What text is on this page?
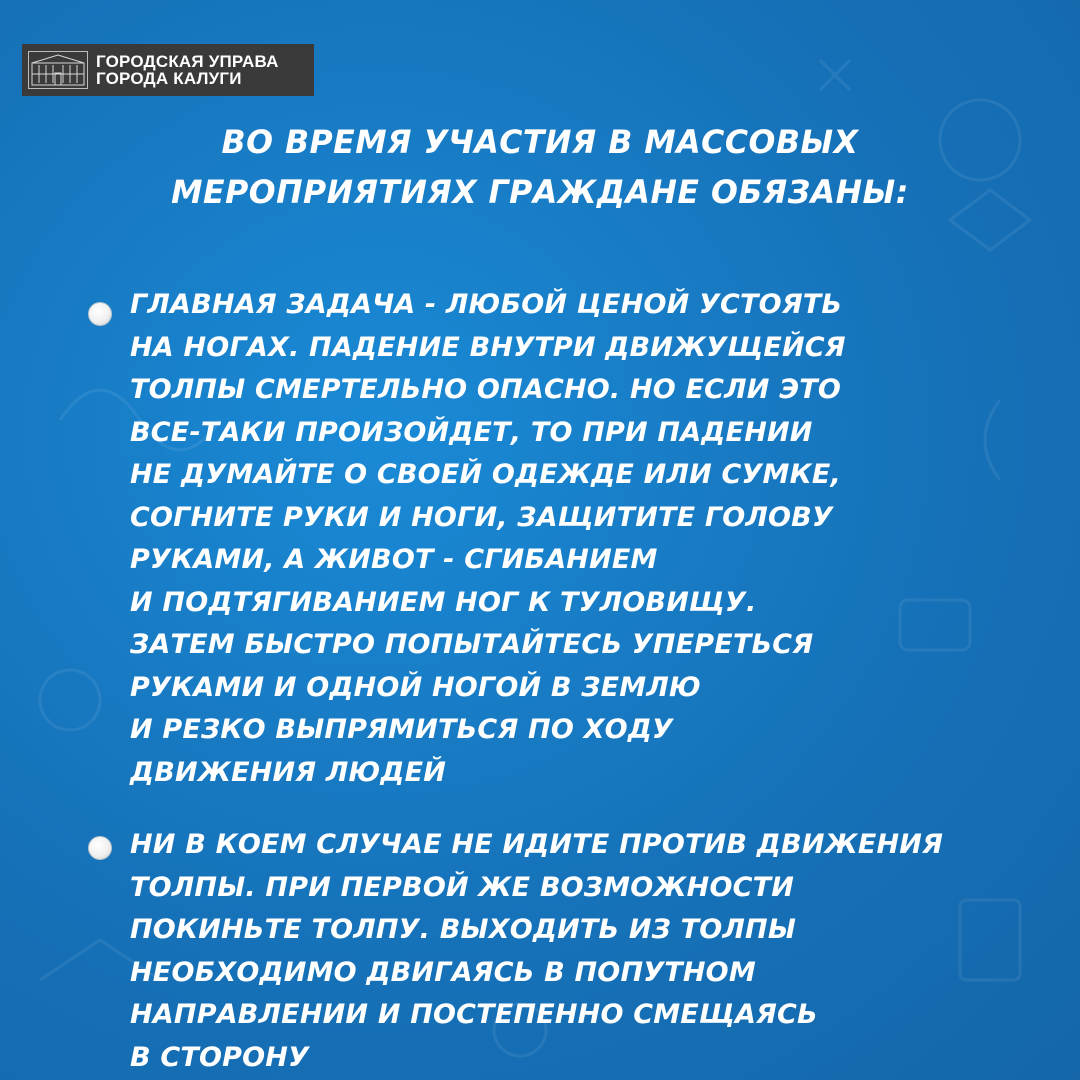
ГОРОДСКАЯ УПРАВА
ГОРОДА КАЛУГИ
ВО ВРЕМЯ УЧАСТИЯ В МАССОВЫХ
МЕРОПРИЯТИЯХ ГРАЖДАНЕ ОБЯЗАНЫ:
ГЛАВНАЯ ЗАДАЧА - ЛЮБОЙ ЦЕНОЙ УСТОЯТЬ
НА НОГАХ. ПАДЕНИЕ ВНУТРИ ДВИЖУЩЕЙСЯ
ТОЛПЫ СМЕРТЕЛЬНО ОПАСНО. НО ЕСЛИ ЭТО
ВСЕ-ТАКИ ПРОИЗОЙДЕТ, ТО ПРИ ПАДЕНИИ
НЕ ДУМАЙТЕ О СВОЕЙ ОДЕЖДЕ ИЛИ СУМКЕ,
СОГНИТЕ РУКИ И НОГИ, ЗАЩИТИТЕ ГОЛОВУ
РУКАМИ, А ЖИВОТ - СГИБАНИЕМ
И ПОДТЯГИВАНИЕМ НОГ К ТУЛОВИЩУ.
ЗАТЕМ БЫСТРО ПОПЫТАЙТЕСЬ УПЕРЕТЬСЯ
РУКАМИ И ОДНОЙ НОГОЙ В ЗЕМЛЮ
И РЕЗКО ВЫПРЯМИТЬСЯ ПО ХОДУ
ДВИЖЕНИЯ ЛЮДЕЙ
НИ В КОЕМ СЛУЧАЕ НЕ ИДИТЕ ПРОТИВ ДВИЖЕНИЯ
ТОЛПЫ. ПРИ ПЕРВОЙ ЖЕ ВОЗМОЖНОСТИ
ПОКИНЬТЕ ТОЛПУ. ВЫХОДИТЬ ИЗ ТОЛПЫ
НЕОБХОДИМО ДВИГАЯСЬ В ПОПУТНОМ
НАПРАВЛЕНИИ И ПОСТЕПЕННО СМЕЩАЯСЬ
В СТОРОНУ
